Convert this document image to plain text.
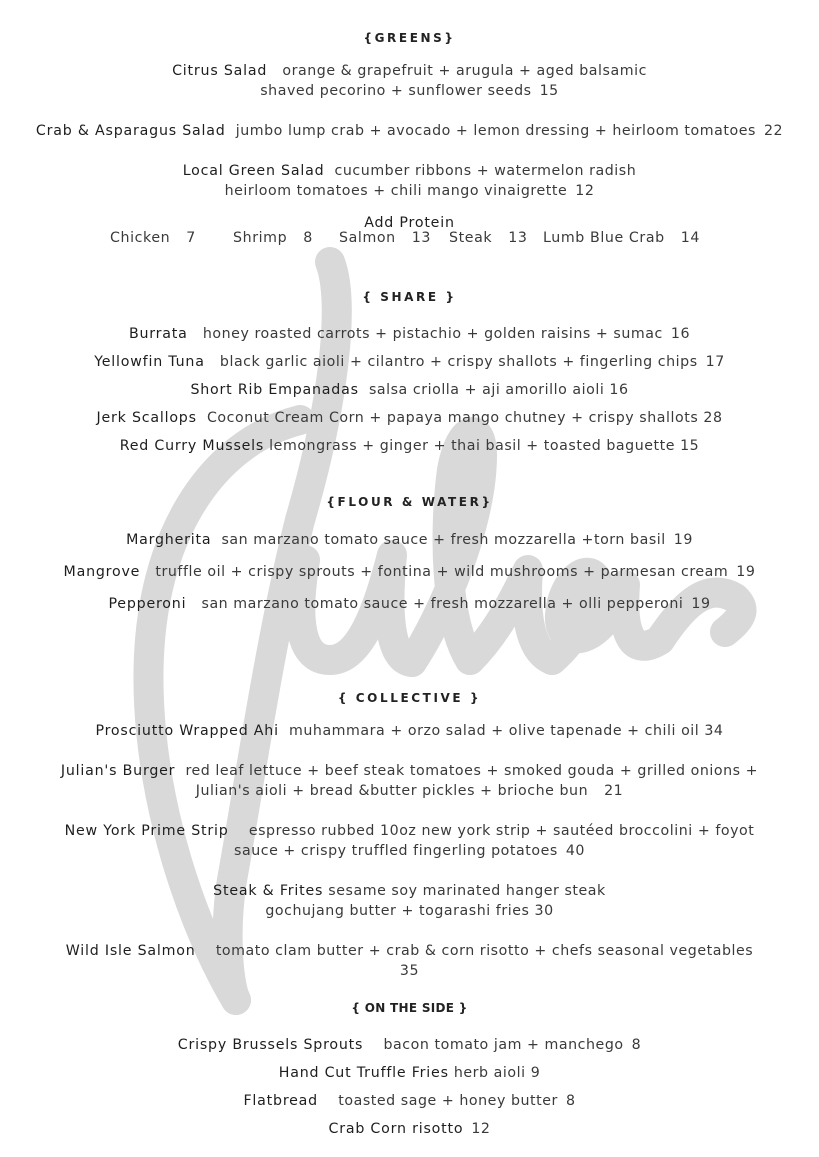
{GREENS}
Citrus Salad orange & grapefruit + arugula + aged balsamic
shaved pecorino + sunflower seeds 15
Crab & Asparagus Salad jumbo lump crab + avocado + lemon dressing + heirloom tomatoes 22
Local Green Salad cucumber ribbons + watermelon radish
heirloom tomatoes + chili mango vinaigrette 12
Add Protein
Chicken 7	Shrimp 8 Salmon 13 Steak 13 Lumb Blue Crab 14
{ SHARE }
Burrata honey roasted carrots + pistachio + golden raisins + sumac 16
Yellowfin Tuna black garlic aioli + cilantro + crispy shallots + fingerling chips 17
Short Rib Empanadas salsa criolla + aji amorillo aioli 16
Jerk Scallops Coconut Cream Corn + papaya mango chutney + crispy shallots 28
Red Curry Mussels lemongrass + ginger + thai basil + toasted baguette 15
{FLOUR & WATER}
Margherita san marzano tomato sauce + fresh mozzarella +torn basil 19
Mangrove truffle oil + crispy sprouts + fontina + wild mushrooms + parmesan cream 19
Pepperoni san marzano tomato sauce + fresh mozzarella + olli pepperoni 19
{ COLLECTIVE }
Prosciutto Wrapped Ahi muhammara + orzo salad + olive tapenade + chili oil 34
Julian's Burger red leaf lettuce + beef steak tomatoes + smoked gouda + grilled onions +
Julian's aioli + bread &butter pickles + brioche bun 21
New York Prime Strip espresso rubbed 10oz new york strip + sautéed broccolini + foyot
sauce + crispy truffled fingerling potatoes 40
Steak & Frites sesame soy marinated hanger steak
gochujang butter + togarashi fries 30
Wild Isle Salmon tomato clam butter + crab & corn risotto + chefs seasonal vegetables
35
{ ON THE SIDE }
Crispy Brussels Sprouts bacon tomato jam + manchego 8
Hand Cut Truffle Fries herb aioli 9
Flatbread toasted sage + honey butter 8
Crab Corn risotto 12
